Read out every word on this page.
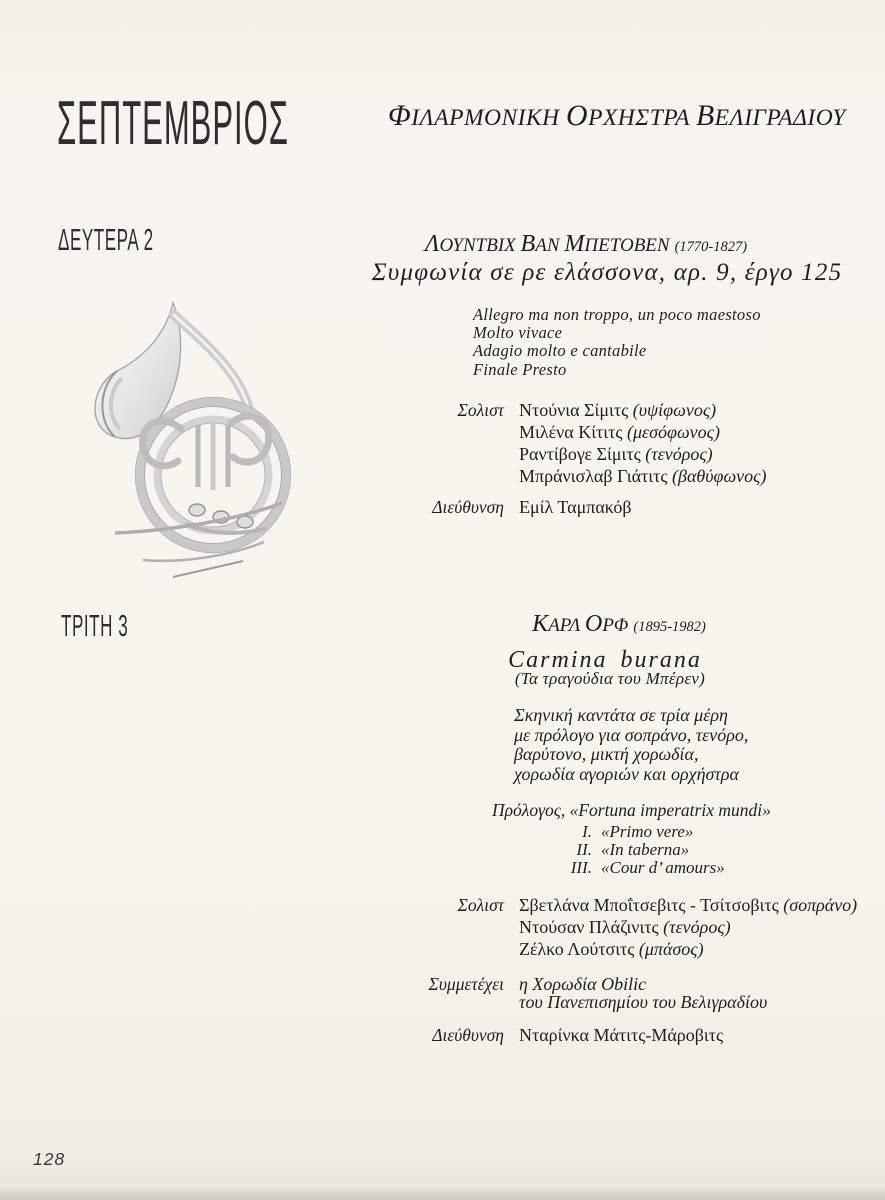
ΣΕΠΤΕΜΒΡΙΟΣ	ΦΙΛΑΡΜΟΝΙΚΗ ΟΡΧΗΣΤΡΑ ΒΕΛΙΓΡΑΔΙΟΥ
ΔΕΥΤΕΡΑ 2	ΛΟΥΝΤΒΙΧ ΒΑΝ ΜΠΕΤΟΒΕΝ (1770-1827)
Συμφωνία σε ρε ελάσσονα, αρ. 9, έργο 125
Allegro ma non troppo, un poco maestoso
Molto vivace
Adagio molto e cantabile
Finale Presto
Σολιστ Ντούνια Σίμιτς (υψίφωνος)
Μιλένα Κίτιτς (μεσόφωνος)
Ραντίβογε Σίμιτς (τενόρος)
Μπράνισλαβ Γιάτιτς (βαθύφωνος)
Διεύθυνση Εμίλ Ταμπακόβ
ΤΡΙΤΗ 3	ΚΑΡΛ ΟΡΦ (1895-1982)
Carmina burana
(Τα τραγούδια του Μπέρεν)
Σκηνική καντάτα σε τρία μέρη
με πρόλογο για σοπράνο, τενόρο,
βαρύτονο, μικτή χορωδία,
χορωδία αγοριών και ορχήστρα
Πρόλογος, «Fortuna imperatrix mundi»
I. «Primo vere»
II. «In taberna»
III. «Cour d’ amours»
Σολιστ Σβετλάνα Μποΐτσεβιτς - Τσίτσοβιτς (σοπράνο)
Ντούσαν Πλάζινιτς (τενόρος)
Ζέλκο Λούτσιτς (μπάσος)
Συμμετέχει η Χορωδία Obilic
του Πανεπισημίου του Βελιγραδίου
Διεύθυνση Νταρίνκα Μάτιτς-Μάροβιτς
128
